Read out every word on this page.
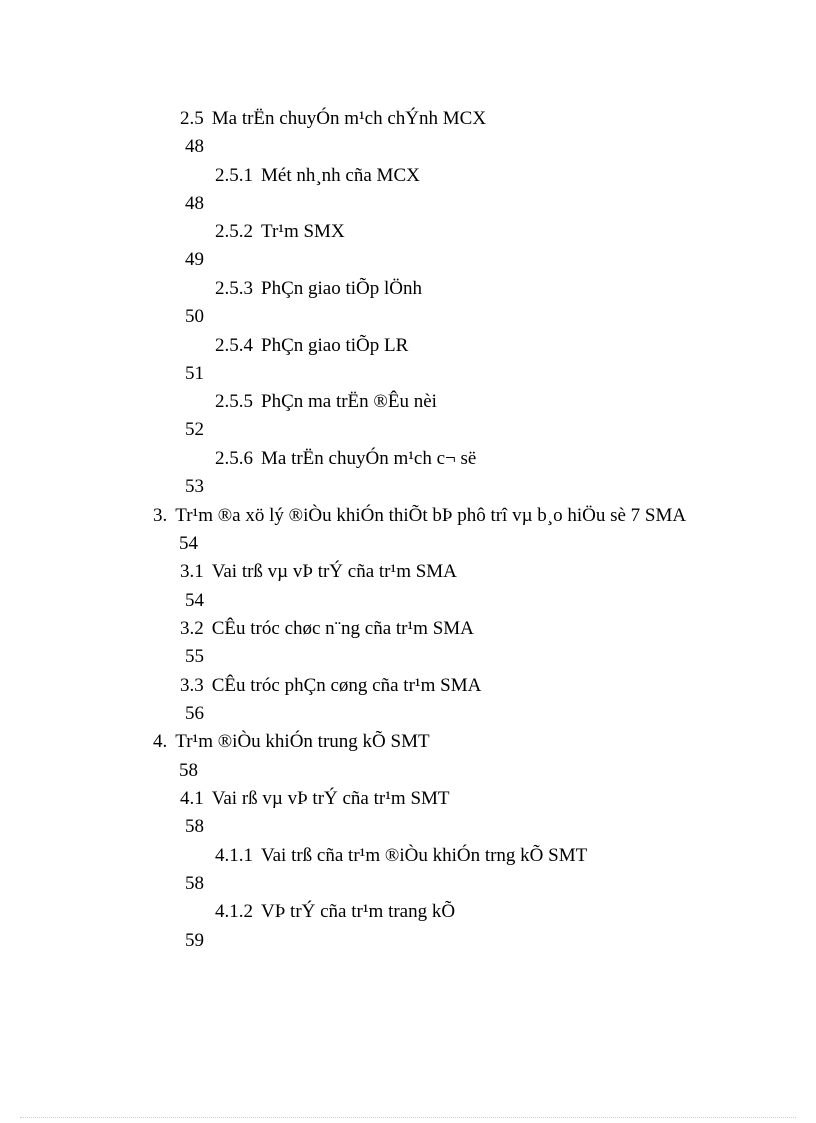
2.5 Ma trËn chuyÓn m¹ch chÝnh MCX
48
2.5.1 Mét nh¸nh cña MCX
48
2.5.2 Tr¹m SMX
49
2.5.3 PhÇn giao tiÕp lÖnh
50
2.5.4 PhÇn giao tiÕp LR
51
2.5.5 PhÇn ma trËn ®Êu nèi
52
2.5.6 Ma trËn chuyÓn m¹ch c¬ së
53
3. Tr¹m ®a xö lý ®iÒu khiÓn thiÕt bÞ phô trî vµ b¸o hiÖu sè 7 SMA
54
3.1 Vai trß vµ vÞ trÝ cña tr¹m SMA
54
3.2 CÊu tróc chøc n¨ng cña tr¹m SMA
55
3.3 CÊu tróc phÇn cøng cña tr¹m SMA
56
4. Tr¹m ®iÒu khiÓn trung kÕ SMT
58
4.1 Vai rß vµ vÞ trÝ cña tr¹m SMT
58
4.1.1 Vai trß cña tr¹m ®iÒu khiÓn trng kÕ SMT
58
4.1.2 VÞ trÝ cña tr¹m trang kÕ
59
